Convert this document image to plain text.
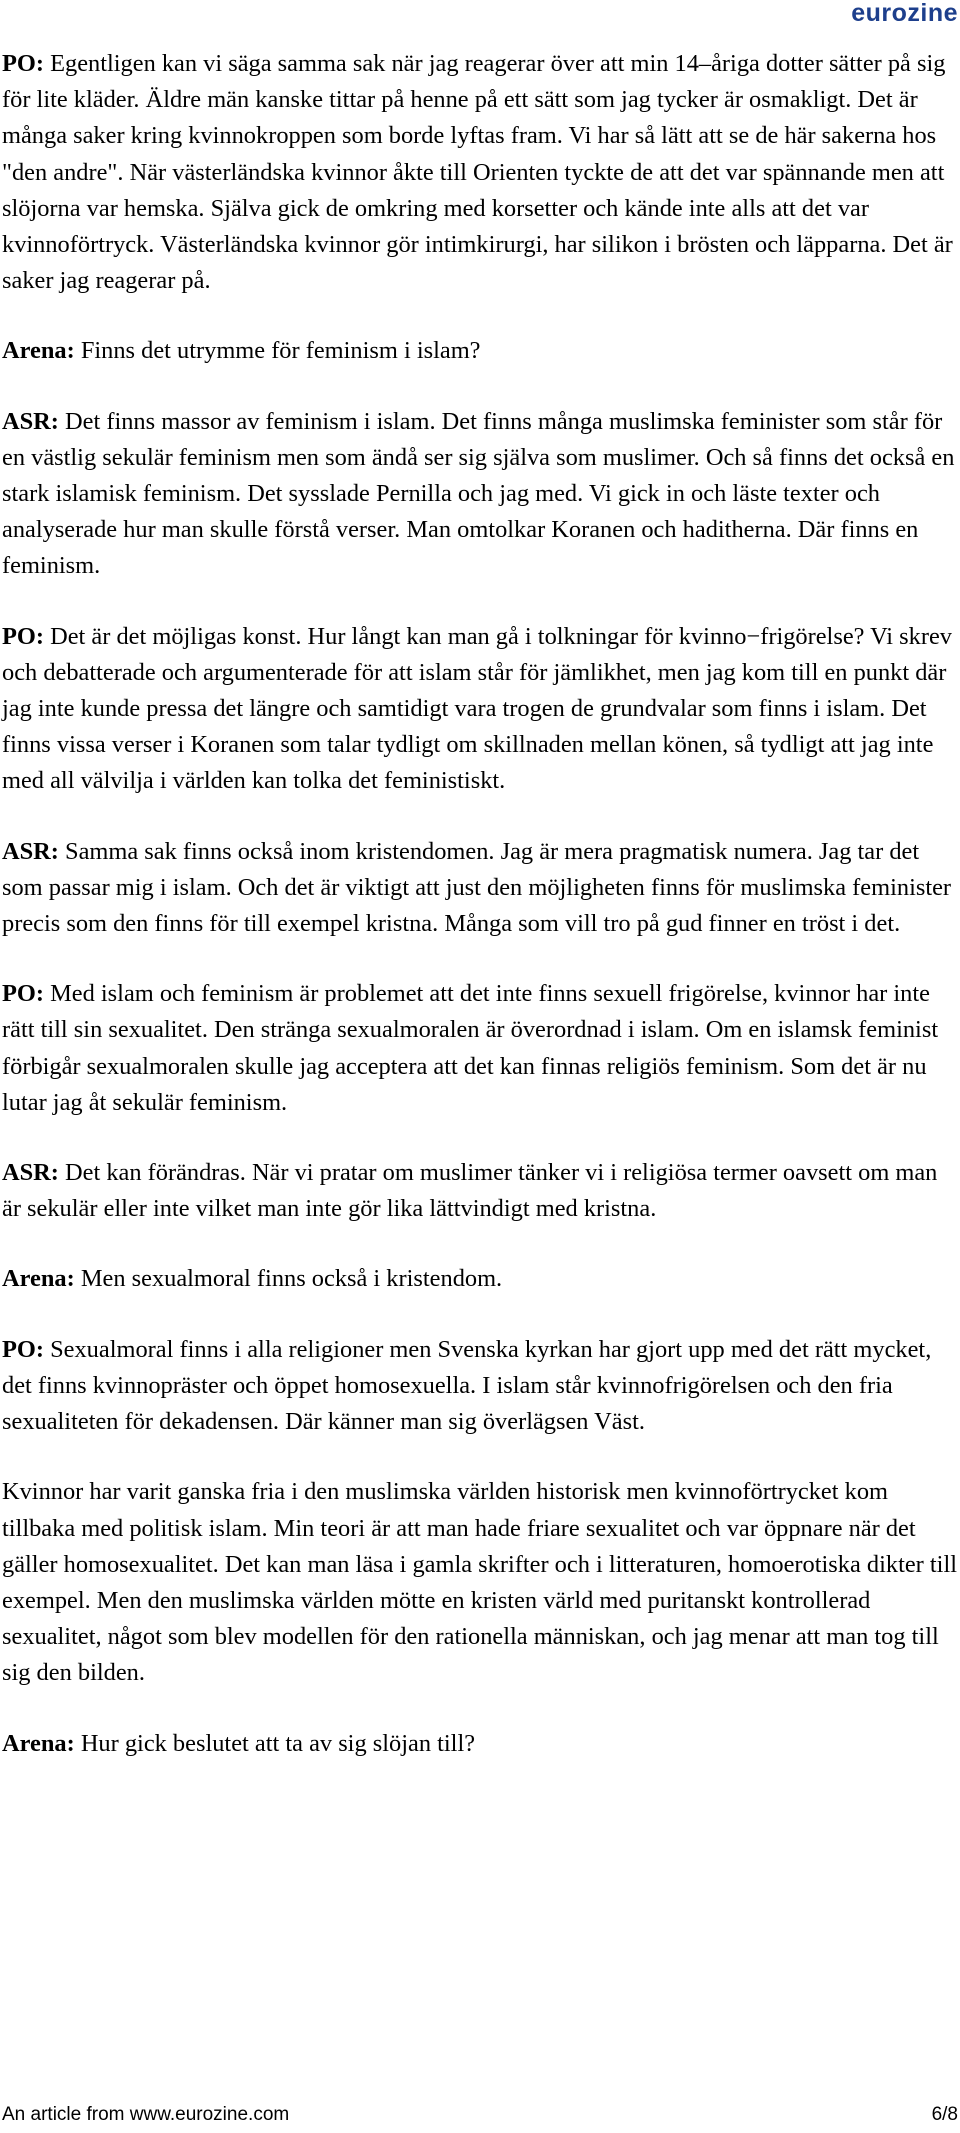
eurozine

PO: Egentligen kan vi säga samma sak när jag reagerar över att min 14–åriga dotter sätter på sig för lite kläder. Äldre män kanske tittar på henne på ett sätt som jag tycker är osmakligt. Det är många saker kring kvinnokroppen som borde lyftas fram. Vi har så lätt att se de här sakerna hos "den andre". När västerländska kvinnor åkte till Orienten tyckte de att det var spännande men att slöjorna var hemska. Själva gick de omkring med korsetter och kände inte alls att det var kvinnoförtryck. Västerländska kvinnor gör intimkirurgi, har silikon i brösten och läpparna. Det är saker jag reagerar på.

Arena: Finns det utrymme för feminism i islam?

ASR: Det finns massor av feminism i islam. Det finns många muslimska feminister som står för en västlig sekulär feminism men som ändå ser sig själva som muslimer. Och så finns det också en stark islamisk feminism. Det sysslade Pernilla och jag med. Vi gick in och läste texter och analyserade hur man skulle förstå verser. Man omtolkar Koranen och haditherna. Där finns en feminism.

PO: Det är det möjligas konst. Hur långt kan man gå i tolkningar för kvinno−frigörelse? Vi skrev och debatterade och argumenterade för att islam står för jämlikhet, men jag kom till en punkt där jag inte kunde pressa det längre och samtidigt vara trogen de grundvalar som finns i islam. Det finns vissa verser i Koranen som talar tydligt om skillnaden mellan könen, så tydligt att jag inte med all välvilja i världen kan tolka det feministiskt.

ASR: Samma sak finns också inom kristendomen. Jag är mera pragmatisk numera. Jag tar det som passar mig i islam. Och det är viktigt att just den möjligheten finns för muslimska feminister precis som den finns för till exempel kristna. Många som vill tro på gud finner en tröst i det.

PO: Med islam och feminism är problemet att det inte finns sexuell frigörelse, kvinnor har inte rätt till sin sexualitet. Den stränga sexualmoralen är överordnad i islam. Om en islamsk feminist förbigår sexualmoralen skulle jag acceptera att det kan finnas religiös feminism. Som det är nu lutar jag åt sekulär feminism.

ASR: Det kan förändras. När vi pratar om muslimer tänker vi i religiösa termer oavsett om man är sekulär eller inte vilket man inte gör lika lättvindigt med kristna.

Arena: Men sexualmoral finns också i kristendom.

PO: Sexualmoral finns i alla religioner men Svenska kyrkan har gjort upp med det rätt mycket, det finns kvinnopräster och öppet homosexuella. I islam står kvinnofrigörelsen och den fria sexualiteten för dekadensen. Där känner man sig överlägsen Väst.

Kvinnor har varit ganska fria i den muslimska världen historisk men kvinnoförtrycket kom tillbaka med politisk islam. Min teori är att man hade friare sexualitet och var öppnare när det gäller homosexualitet. Det kan man läsa i gamla skrifter och i litteraturen, homoerotiska dikter till exempel. Men den muslimska världen mötte en kristen värld med puritanskt kontrollerad sexualitet, något som blev modellen för den rationella människan, och jag menar att man tog till sig den bilden.

Arena: Hur gick beslutet att ta av sig slöjan till?

An article from www.eurozine.com	6/8
